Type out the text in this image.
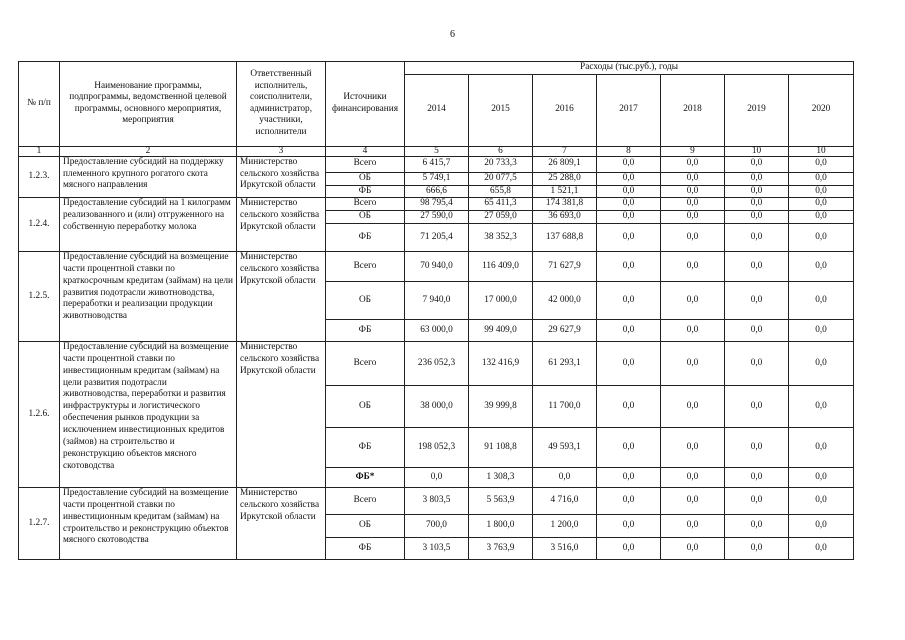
6
№ п/п	Наименование программы, подпрограммы, ведомственной целевой программы, основного мероприятия, мероприятия	Ответственный исполнитель, соисполнители, администратор, участники, исполнители	Источники финансирования	Расходы (тыс.руб.), годы						
				2014	2015	2016	2017	2018	2019	2020
1	2	3	4	5	6	7	8	9	10	10
1.2.3.	Предоставление субсидий на поддержку племенного крупного рогатого скота мясного направления	Министерство сельского хозяйства Иркутской области	Всего	6 415,7	20 733,3	26 809,1	0,0	0,0	0,0	0,0
			ОБ	5 749,1	20 077,5	25 288,0	0,0	0,0	0,0	0,0
			ФБ	666,6	655,8	1 521,1	0,0	0,0	0,0	0,0
1.2.4.	Предоставление субсидий на 1 килограмм реализованного и (или) отгруженного на собственную переработку молока	Министерство сельского хозяйства Иркутской области	Всего	98 795,4	65 411,3	174 381,8	0,0	0,0	0,0	0,0
			ОБ	27 590,0	27 059,0	36 693,0	0,0	0,0	0,0	0,0
			ФБ	71 205,4	38 352,3	137 688,8	0,0	0,0	0,0	0,0
1.2.5.	Предоставление субсидий на возмещение части процентной ставки по краткосрочным кредитам (займам) на цели развития подотрасли животноводства, переработки и реализации продукции животноводства	Министерство сельского хозяйства Иркутской области	Всего	70 940,0	116 409,0	71 627,9	0,0	0,0	0,0	0,0
			ОБ	7 940,0	17 000,0	42 000,0	0,0	0,0	0,0	0,0
			ФБ	63 000,0	99 409,0	29 627,9	0,0	0,0	0,0	0,0
1.2.6.	Предоставление субсидий на возмещение части процентной ставки по инвестиционным кредитам (займам) на цели развития подотрасли животноводства, переработки и развития инфраструктуры и логистического обеспечения рынков продукции за исключением инвестиционных кредитов (займов) на строительство и реконструкцию объектов мясного скотоводства	Министерство сельского хозяйства Иркутской области	Всего	236 052,3	132 416,9	61 293,1	0,0	0,0	0,0	0,0
			ОБ	38 000,0	39 999,8	11 700,0	0,0	0,0	0,0	0,0
			ФБ	198 052,3	91 108,8	49 593,1	0,0	0,0	0,0	0,0
			ФБ*	0,0	1 308,3	0,0	0,0	0,0	0,0	0,0
1.2.7.	Предоставление субсидий на возмещение части процентной ставки по инвестиционным кредитам (займам) на строительство и реконструкцию объектов мясного скотоводства	Министерство сельского хозяйства Иркутской области	Всего	3 803,5	5 563,9	4 716,0	0,0	0,0	0,0	0,0
			ОБ	700,0	1 800,0	1 200,0	0,0	0,0	0,0	0,0
			ФБ	3 103,5	3 763,9	3 516,0	0,0	0,0	0,0	0,0
